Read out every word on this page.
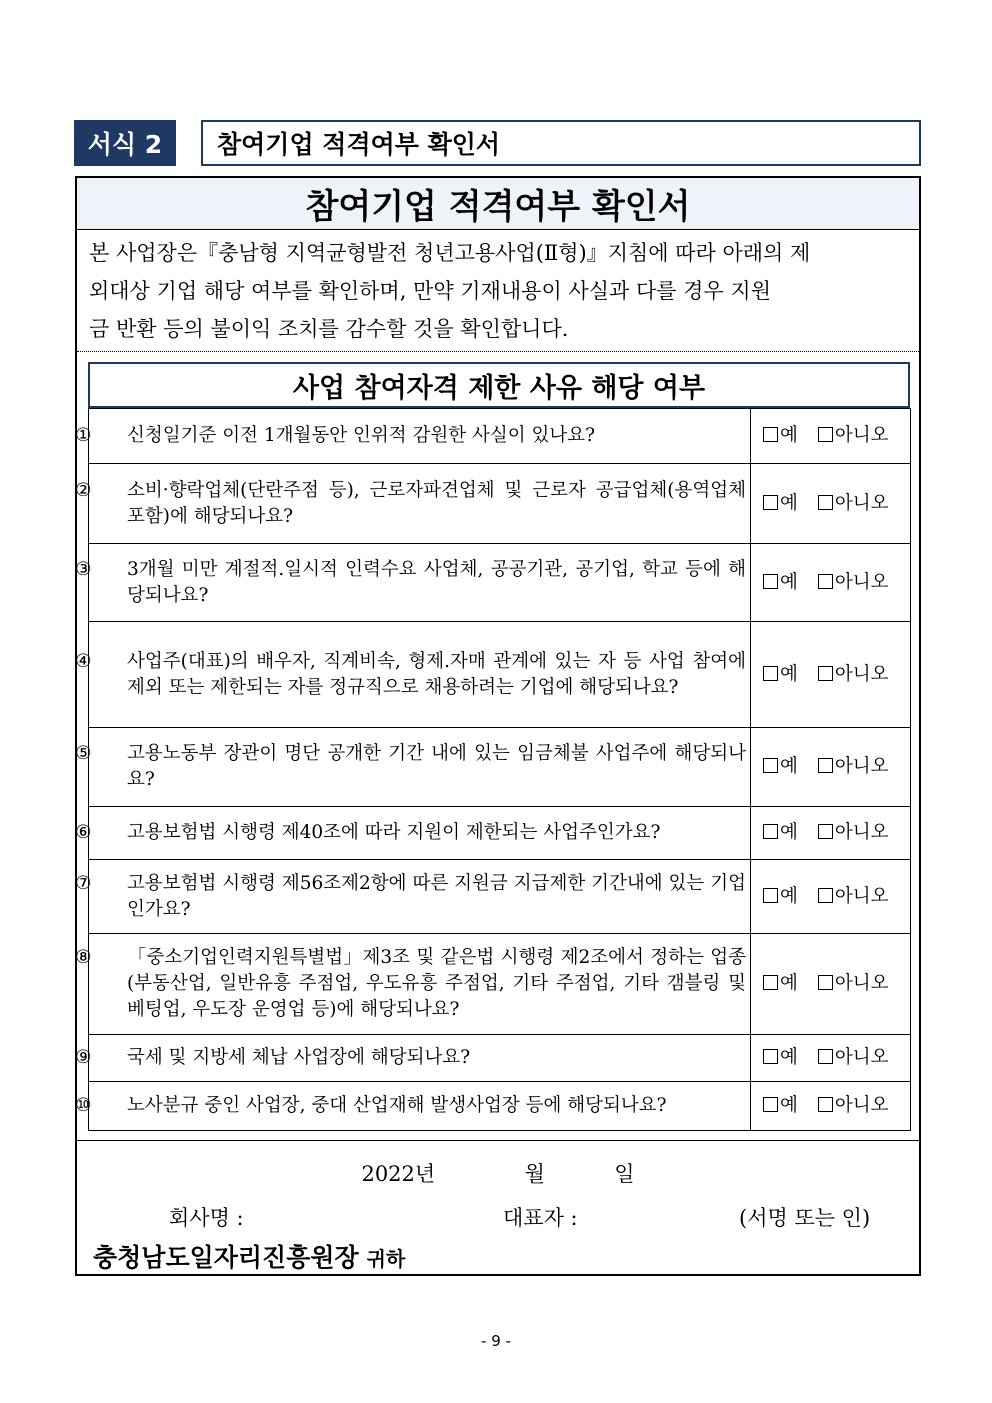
서식 2	참여기업 적격여부 확인서
참여기업 적격여부 확인서
본 사업장은『충남형 지역균형발전 청년고용사업(Ⅱ형)』지침에 따라 아래의 제
외대상 기업 해당 여부를 확인하며, 만약 기재내용이 사실과 다를 경우 지원
금 반환 등의 불이익 조치를 감수할 것을 확인합니다.
사업 참여자격 제한 사유 해당 여부
① 신청일기준 이전 1개월동안 인위적 감원한 사실이 있나요?	예 아니오

② 소비·향락업체(단란주점 등), 근로자파견업체 및 근로자 공급업체(용역업체 포함)에 해당되나요?	예 아니오

③ 3개월 미만 계절적.일시적 인력수요 사업체, 공공기관, 공기업, 학교 등에 해당되나요?	예 아니오

④ 사업주(대표)의 배우자, 직계비속, 형제.자매 관계에 있는 자 등 사업 참여에 제외 또는 제한되는 자를 정규직으로 채용하려는 기업에 해당되나요?	예 아니오

⑤ 고용노동부 장관이 명단 공개한 기간 내에 있는 임금체불 사업주에 해당되나요?	예 아니오

⑥ 고용보험법 시행령 제40조에 따라 지원이 제한되는 사업주인가요?	예 아니오

⑦ 고용보험법 시행령 제56조제2항에 따른 지원금 지급제한 기간내에 있는 기업인가요?	예 아니오

⑧ 「중소기업인력지원특별법」제3조 및 같은법 시행령 제2조에서 정하는 업종(부동산업, 일반유흥 주점업, 우도유흥 주점업, 기타 주점업, 기타 갬블링 및 베팅업, 우도장 운영업 등)에 해당되나요?	예 아니오

⑨ 국세 및 지방세 체납 사업장에 해당되나요?	예 아니오

⑩ 노사분규 중인 사업장, 중대 산업재해 발생사업장 등에 해당되나요?	예 아니오
2022년	월	일
회사명 :	대표자 :	(서명 또는 인)
충청남도일자리진흥원장 귀하
- 9 -
